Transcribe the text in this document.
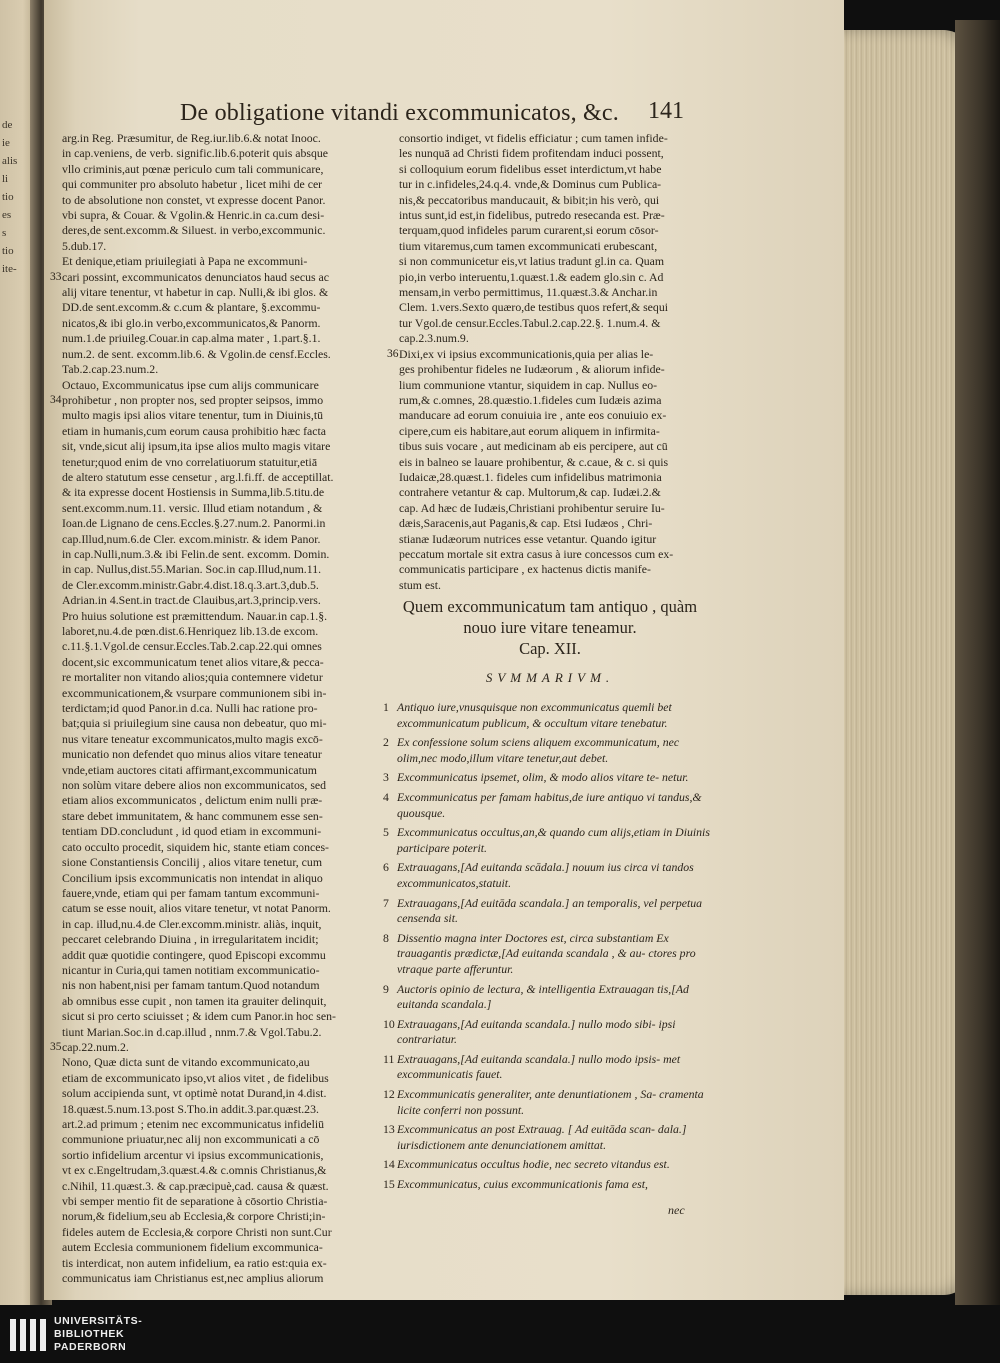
de
ie
alis
li
tio
es
s
tio
ite-
De obligatione vitandi excommunicatos, &c. 141
arg.in Reg. Præsumitur, de Reg.iur.lib.6.& notat Inooc.
in cap.veniens, de verb. signific.lib.6.poterit quis absque
vllo criminis,aut pœnæ periculo cum tali communicare,
qui communiter pro absoluto habetur , licet mihi de cer
to de absolutione non constet, vt expresse docent Panor.
vbi supra, & Couar. & Vgolin.& Henric.in ca.cum desi-
deres,de sent.excomm.& Siluest. in verbo,excommunic.
5.dub.17.
Et denique,etiam priuilegiati à Papa ne excommuni-
cari possint, excommunicatos denunciatos haud secus ac
alij vitare tenentur, vt habetur in cap. Nulli,& ibi glos. &
DD.de sent.excomm.& c.cum & plantare, §.excommu-
nicatos,& ibi glo.in verbo,excommunicatos,& Panorm.
num.1.de priuileg.Couar.in cap.alma mater , 1.part.§.1.
num.2. de sent. excomm.lib.6. & Vgolin.de censf.Eccles.
Tab.2.cap.23.num.2.
Octauo, Excommunicatus ipse cum alijs communicare
prohibetur , non propter nos, sed propter seipsos, immo
multo magis ipsi alios vitare tenentur, tum in Diuinis,tū
etiam in humanis,cum eorum causa prohibitio hæc facta
sit, vnde,sicut alij ipsum,ita ipse alios multo magis vitare
tenetur;quod enim de vno correlatiuorum statuitur,etiā
de altero statutum esse censetur , arg.l.fi.ff. de acceptillat.
& ita expresse docent Hostiensis in Summa,lib.5.titu.de
sent.excomm.num.11. versic. Illud etiam notandum , &
Ioan.de Lignano de cens.Eccles.§.27.num.2. Panormi.in
cap.Illud,num.6.de Cler. excom.ministr. & idem Panor.
in cap.Nulli,num.3.& ibi Felin.de sent. excomm. Domin.
in cap. Nullus,dist.55.Marian. Soc.in cap.Illud,num.11.
de Cler.excomm.ministr.Gabr.4.dist.18.q.3.art.3,dub.5.
Adrian.in 4.Sent.in tract.de Clauibus,art.3,princip.vers.
Pro huius solutione est præmittendum. Nauar.in cap.1.§.
laboret,nu.4.de pœn.dist.6.Henriquez lib.13.de excom.
c.11.§.1.Vgol.de censur.Eccles.Tab.2.cap.22.qui omnes
docent,sic excommunicatum tenet alios vitare,& pecca-
re mortaliter non vitando alios;quia contemnere videtur
excommunicationem,& vsurpare communionem sibi in-
terdictam;id quod Panor.in d.ca. Nulli hac ratione pro-
bat;quia si priuilegium sine causa non debeatur, quo mi-
nus vitare teneatur excommunicatos,multo magis excō-
municatio non defendet quo minus alios vitare teneatur
vnde,etiam auctores citati affirmant,excommunicatum
non solùm vitare debere alios non excommunicatos, sed
etiam alios excommunicatos , delictum enim nulli præ-
stare debet immunitatem, & hanc communem esse sen-
tentiam DD.concludunt , id quod etiam in excommuni-
cato occulto procedit, siquidem hic, stante etiam conces-
sione Constantiensis Concilij , alios vitare tenetur, cum
Concilium ipsis excommunicatis non intendat in aliquo
fauere,vnde, etiam qui per famam tantum excommuni-
catum se esse nouit, alios vitare tenetur, vt notat Panorm.
in cap. illud,nu.4.de Cler.excomm.ministr. aliàs, inquit,
peccaret celebrando Diuina , in irregularitatem incidit;
addit quæ quotidie contingere, quod Episcopi excommu
nicantur in Curia,qui tamen notitiam excommunicatio-
nis non habent,nisi per famam tantum.Quod notandum
ab omnibus esse cupit , non tamen ita grauiter delinquit,
sicut si pro certo sciuisset ; & idem cum Panor.in hoc sen-
tiunt Marian.Soc.in d.cap.illud , nnm.7.& Vgol.Tabu.2.
cap.22.num.2.
Nono, Quæ dicta sunt de vitando excommunicato,au
etiam de excommunicato ipso,vt alios vitet , de fidelibus
solum accipienda sunt, vt optimè notat Durand,in 4.dist.
18.quæst.5.num.13.post S.Tho.in addit.3.par.quæst.23.
art.2.ad primum ; etenim nec excommunicatus infideliū
communione priuatur,nec alij non excommunicati a cō
sortio infidelium arcentur vi ipsius excommunicationis,
vt ex c.Engeltrudam,3.quæst.4.& c.omnis Christianus,&
c.Nihil, 11.quæst.3. & cap.præcipuè,cad. causa & quæst.
vbi semper mentio fit de separatione à cōsortio Christia-
norum,& fidelium,seu ab Ecclesia,& corpore Christi;in-
fideles autem de Ecclesia,& corpore Christi non sunt.Cur
autem Ecclesia communionem fidelium excommunica-
tis interdicat, non autem infidelium, ea ratio est:quia ex-
communicatus iam Christianus est,nec amplius aliorum
33
34
35
consortio indiget, vt fidelis efficiatur ; cum tamen infide-
les nunquā ad Christi fidem profitendam induci possent,
si colloquium eorum fidelibus esset interdictum,vt habe
tur in c.infideles,24.q.4. vnde,& Dominus cum Publica-
nis,& peccatoribus manducauit, & bibit;in his verò, qui
intus sunt,id est,in fidelibus, putredo resecanda est. Præ-
terquam,quod infideles parum curarent,si eorum cōsor-
tium vitaremus,cum tamen excommunicati erubescant,
si non communicetur eis,vt latius tradunt gl.in ca. Quam
pio,in verbo interuentu,1.quæst.1.& eadem glo.sin c. Ad
mensam,in verbo permittimus, 11.quæst.3.& Anchar.in
Clem. 1.vers.Sexto quæro,de testibus quos refert,& sequi
tur Vgol.de censur.Eccles.Tabul.2.cap.22.§. 1.num.4. &
cap.2.3.num.9.
Dixi,ex vi ipsius excommunicationis,quia per alias le-
ges prohibentur fideles ne Iudæorum , & aliorum infide-
lium communione vtantur, siquidem in cap. Nullus eo-
rum,& c.omnes, 28.quæstio.1.fideles cum Iudæis azima
manducare ad eorum conuiuia ire , ante eos conuiuio ex-
cipere,cum eis habitare,aut eorum aliquem in infirmita-
tibus suis vocare , aut medicinam ab eis percipere, aut cū
eis in balneo se lauare prohibentur, & c.caue, & c. si quis
Iudaicæ,28.quæst.1. fideles cum infidelibus matrimonia
contrahere vetantur & cap. Multorum,& cap. Iudæi.2.&
cap. Ad hæc de Iudæis,Christiani prohibentur seruire Iu-
dæis,Saracenis,aut Paganis,& cap. Etsi Iudæos , Chri-
stianæ Iudæorum nutrices esse vetantur. Quando igitur
peccatum mortale sit extra casus à iure concessos cum ex-
communicatis participare , ex hactenus dictis manife-
stum est.
36
Quem excommunicatum tam antiquo , quàm
nouo iure vitare teneamur.
Cap. XII.
SVMMARIVM.
1 Antiquo iure,vnusquisque non excommunicatus quemli bet excommunicatum publicum, & occultum vitare tenebatur.
2 Ex confessione solum sciens aliquem excommunicatum, nec olim,nec modo,illum vitare tenetur,aut debet.
3 Excommunicatus ipsemet, olim, & modo alios vitare te- netur.
4 Excommunicatus per famam habitus,de iure antiquo vi tandus,& quousque.
5 Excommunicatus occultus,an,& quando cum alijs,etiam in Diuinis participare poterit.
6 Extrauagans,[Ad euitanda scādala.] nouum ius circa vi tandos excommunicatos,statuit.
7 Extrauagans,[Ad euitāda scandala.] an temporalis, vel perpetua censenda sit.
8 Dissentio magna inter Doctores est, circa substantiam Ex trauagantis prædictæ,[Ad euitanda scandala , & au- ctores pro vtraque parte afferuntur.
9 Auctoris opinio de lectura, & intelligentia Extrauagan tis,[Ad euitanda scandala.]
10 Extrauagans,[Ad euitanda scandala.] nullo modo sibi- ipsi contrariatur.
11 Extrauagans,[Ad euitanda scandala.] nullo modo ipsis- met excommunicatis fauet.
12 Excommunicatis generaliter, ante denuntiationem , Sa- cramenta licite conferri non possunt.
13 Excommunicatus an post Extrauag. [ Ad euitāda scan- dala.] iurisdictionem ante denunciationem amittat.
14 Excommunicatus occultus hodie, nec secreto vitandus est.
15 Excommunicatus, cuius excommunicationis fama est,
nec
UNIVERSITÄTS-
BIBLIOTHEK
PADERBORN
